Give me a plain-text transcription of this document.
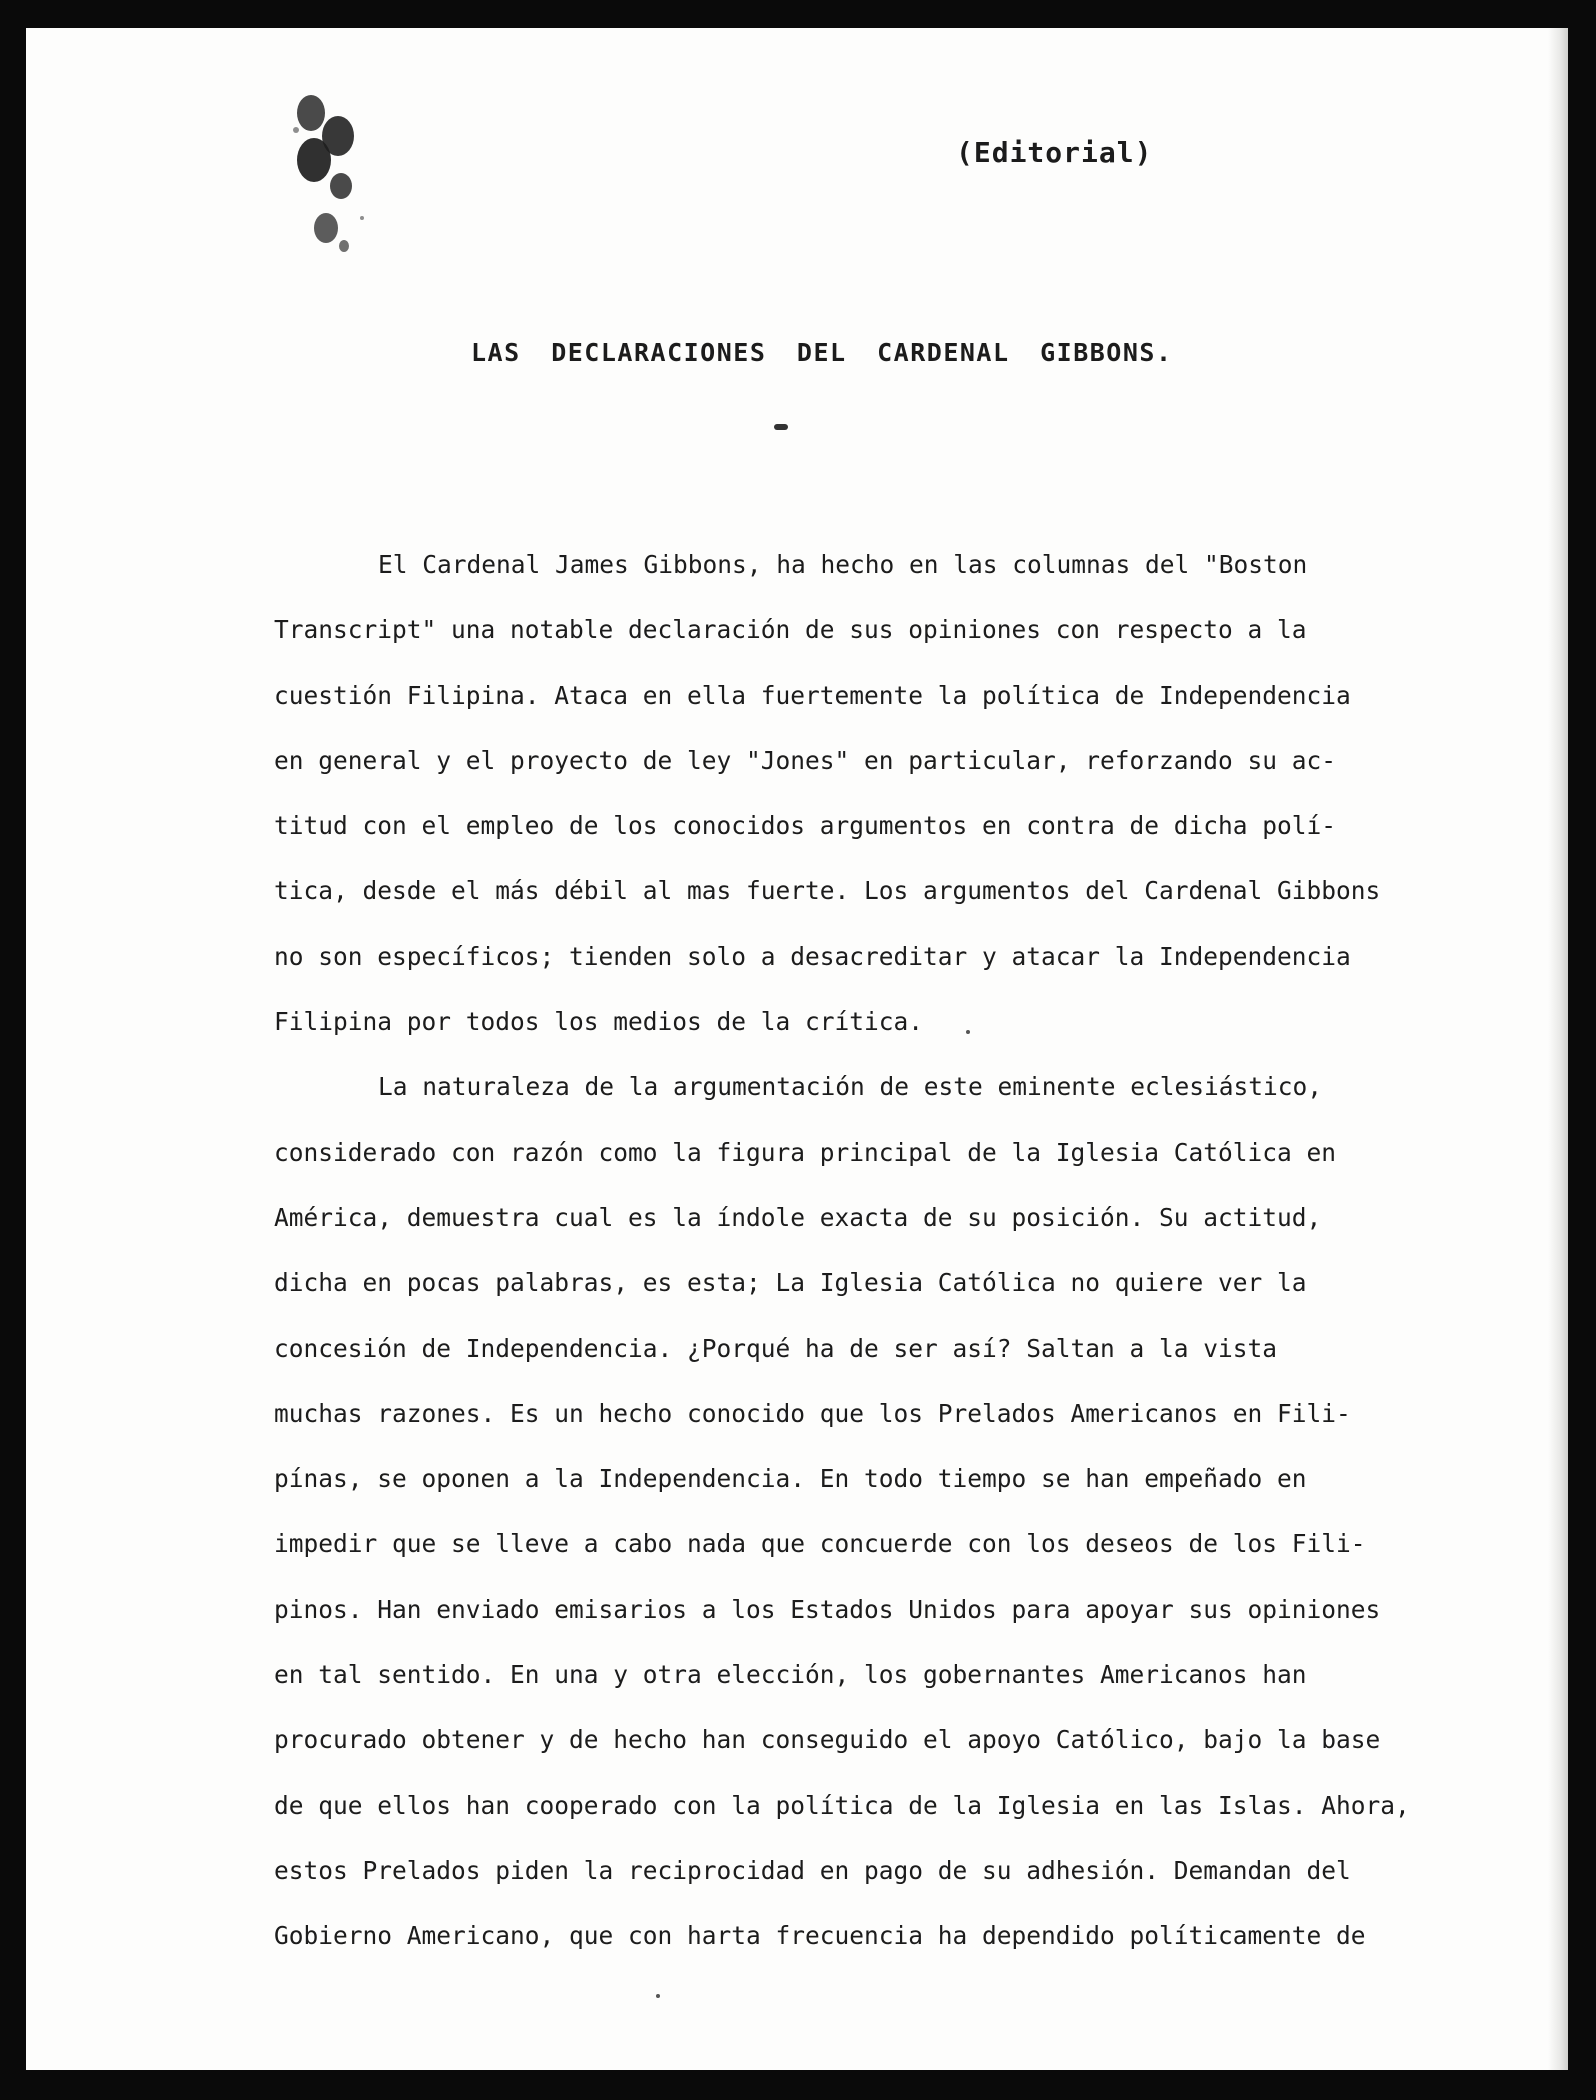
(Editorial)
LAS DECLARACIONES DEL CARDENAL GIBBONS.
El Cardenal James Gibbons, ha hecho en las columnas del "Boston
Transcript" una notable declaración de sus opiniones con respecto a la
cuestión Filipina. Ataca en ella fuertemente la política de Independencia
en general y el proyecto de ley "Jones" en particular, reforzando su ac-
titud con el empleo de los conocidos argumentos en contra de dicha polí-
tica, desde el más débil al mas fuerte. Los argumentos del Cardenal Gibbons
no son específicos; tienden solo a desacreditar y atacar la Independencia
Filipina por todos los medios de la crítica.
La naturaleza de la argumentación de este eminente eclesiástico,
considerado con razón como la figura principal de la Iglesia Católica en
América, demuestra cual es la índole exacta de su posición. Su actitud,
dicha en pocas palabras, es esta; La Iglesia Católica no quiere ver la
concesión de Independencia. ¿Porqué ha de ser así? Saltan a la vista
muchas razones. Es un hecho conocido que los Prelados Americanos en Fili-
pínas, se oponen a la Independencia. En todo tiempo se han empeñado en
impedir que se lleve a cabo nada que concuerde con los deseos de los Fili-
pinos. Han enviado emisarios a los Estados Unidos para apoyar sus opiniones
en tal sentido. En una y otra elección, los gobernantes Americanos han
procurado obtener y de hecho han conseguido el apoyo Católico, bajo la base
de que ellos han cooperado con la política de la Iglesia en las Islas. Ahora,
estos Prelados piden la reciprocidad en pago de su adhesión. Demandan del
Gobierno Americano, que con harta frecuencia ha dependido políticamente de
